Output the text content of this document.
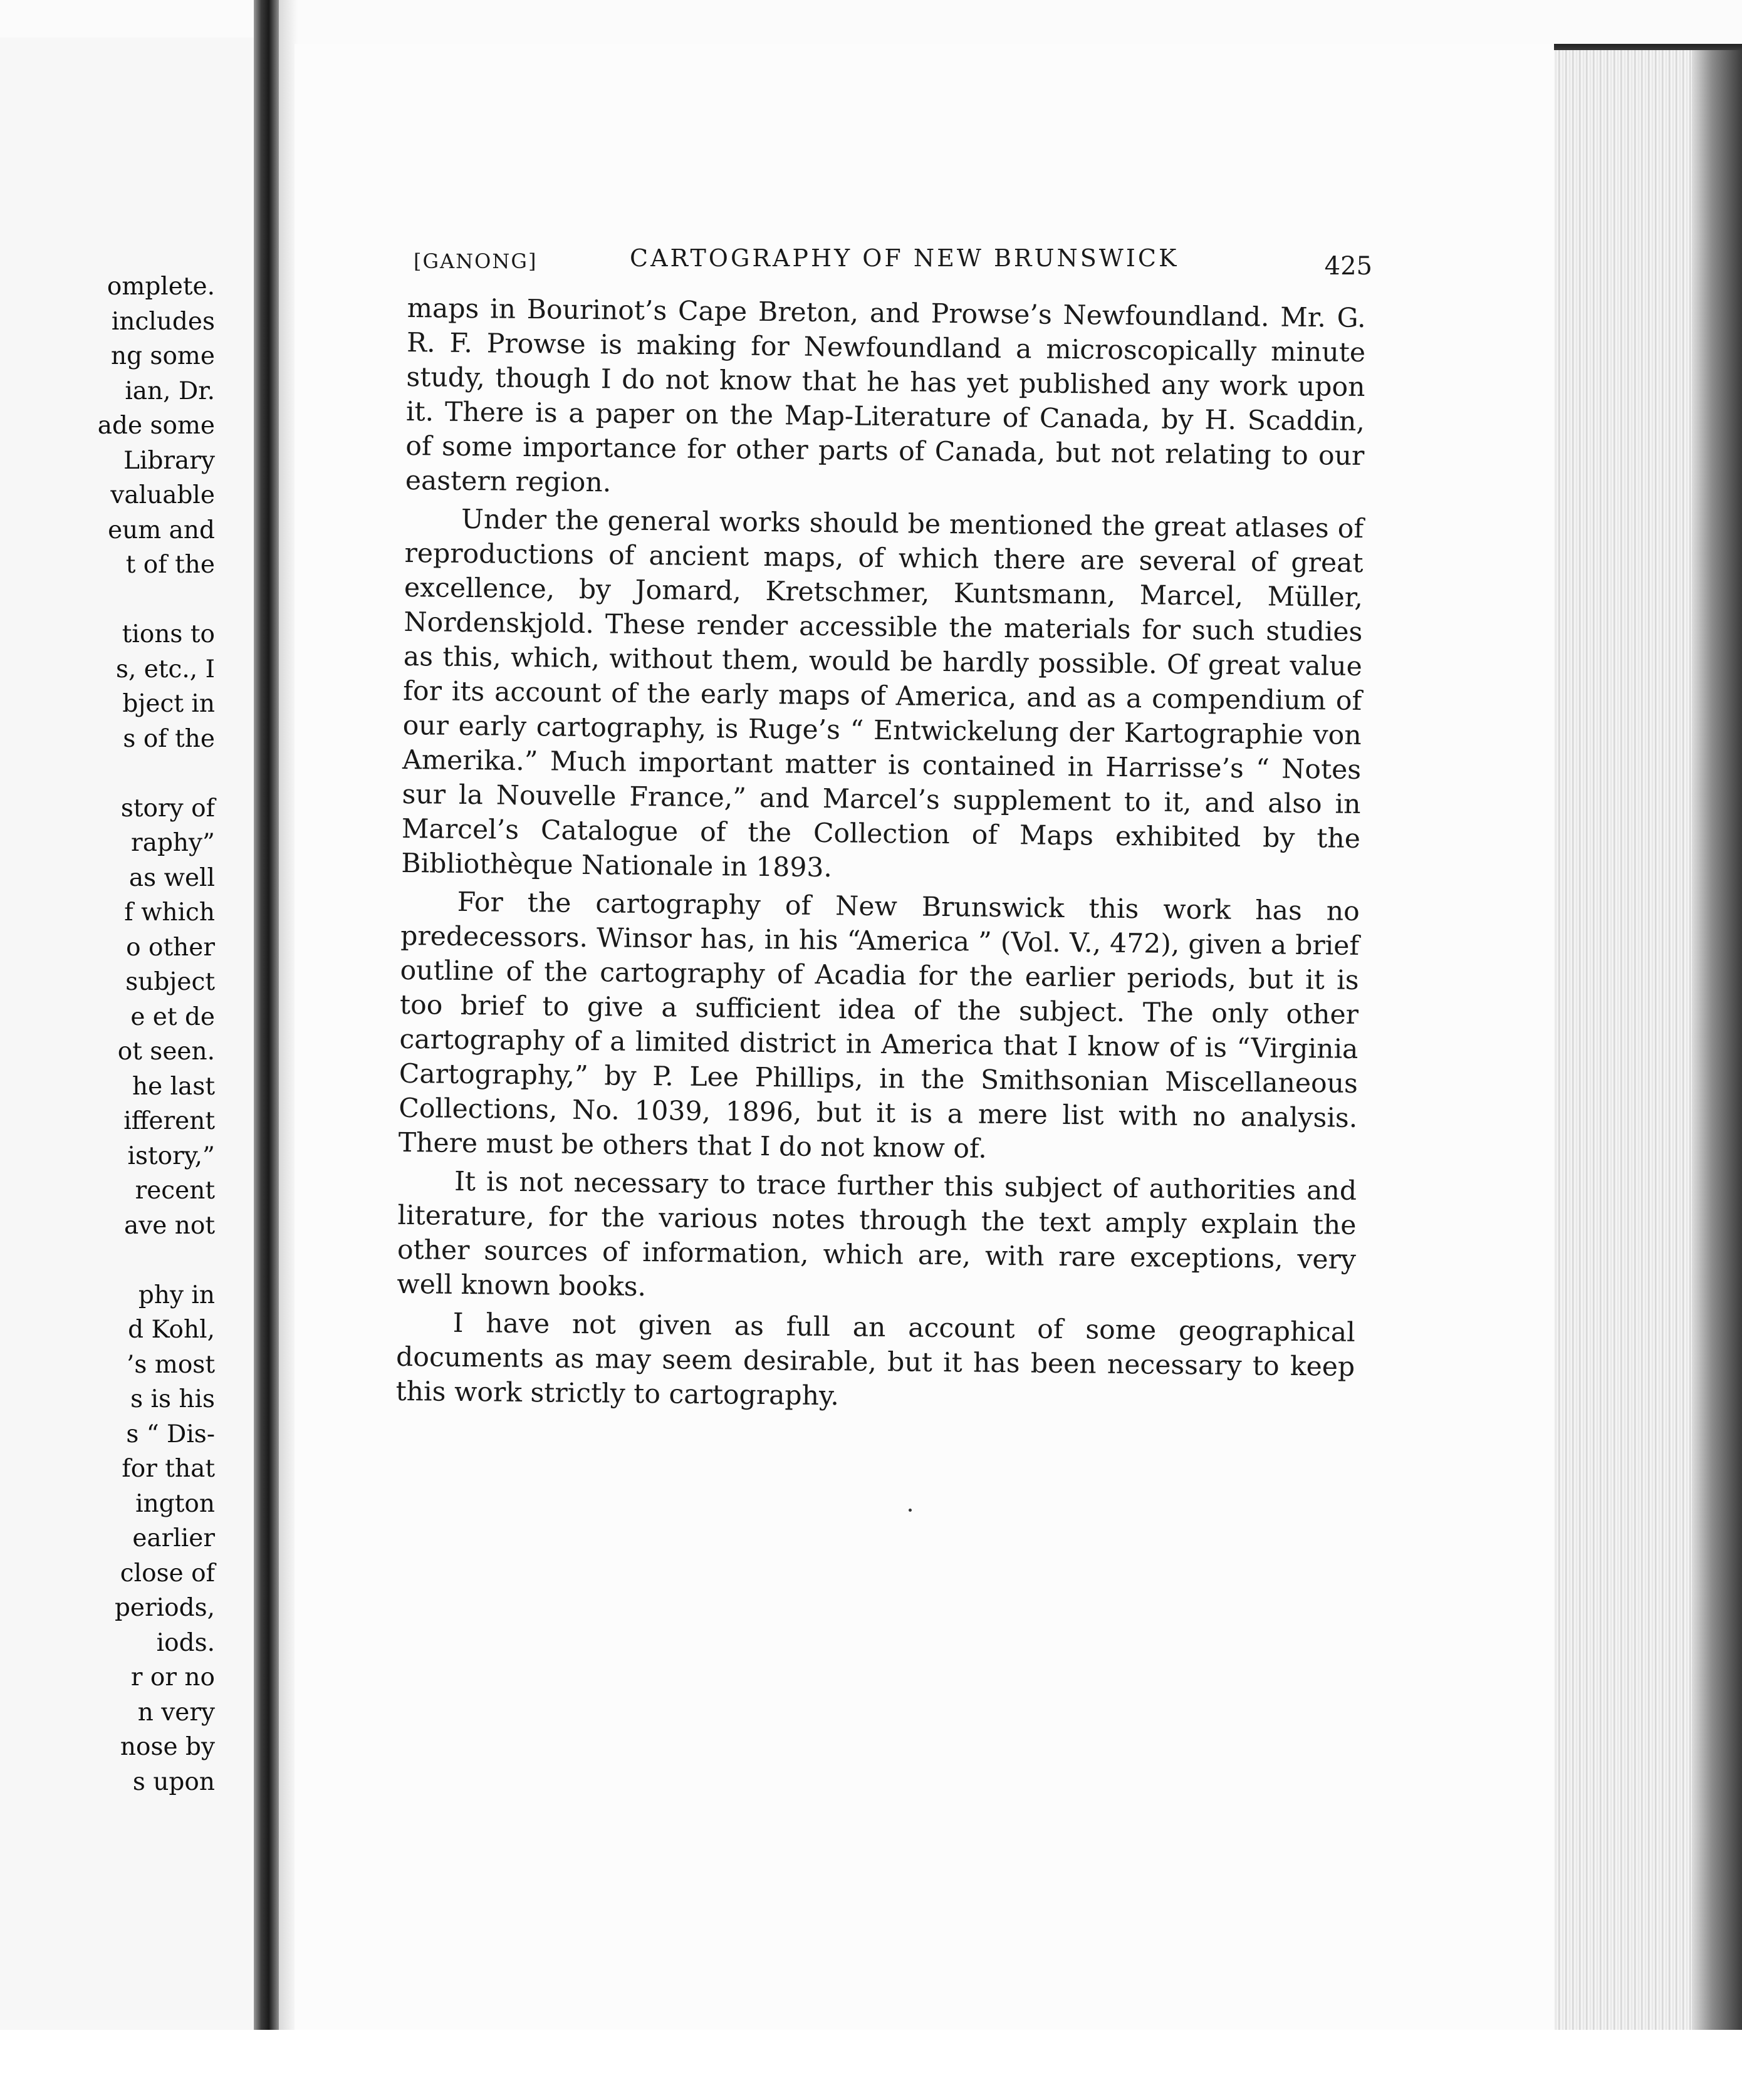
omplete.
includes
ng some
ian, Dr.
ade some
Library
valuable
eum and
t of the
tions to
s, etc., I
bject in
s of the
story of
raphy”
as well
f which
o other
subject
e et de
ot seen.
he last
ifferent
istory,”
recent
ave not
phy in
d Kohl,
’s most
s is his
s “ Dis-
for that
ington
earlier
close of
periods,
iods.
r or no
n very
nose by
s upon
[GANONG]	CARTOGRAPHY OF NEW BRUNSWICK	425

maps in Bourinot’s Cape Breton, and Prowse’s Newfoundland. Mr. G. R. F. Prowse is making for Newfoundland a microscopically minute study, though I do not know that he has yet published any work upon it. There is a paper on the Map-Literature of Canada, by H. Scaddin, of some importance for other parts of Canada, but not relating to our eastern region.

Under the general works should be mentioned the great atlases of reproductions of ancient maps, of which there are several of great excellence, by Jomard, Kretschmer, Kuntsmann, Marcel, Müller, Nordenskjold. These render accessible the materials for such studies as this, which, without them, would be hardly possible. Of great value for its account of the early maps of America, and as a compendium of our early cartography, is Ruge’s “ Entwickelung der Kartographie von Amerika.” Much important matter is contained in Harrisse’s “ Notes sur la Nouvelle France,” and Marcel’s supplement to it, and also in Marcel’s Catalogue of the Collection of Maps exhibited by the Bibliothèque Nationale in 1893.

For the cartography of New Brunswick this work has no predecessors. Winsor has, in his “America ” (Vol. V., 472), given a brief outline of the cartography of Acadia for the earlier periods, but it is too brief to give a sufficient idea of the subject. The only other cartography of a limited district in America that I know of is “Virginia Cartography,” by P. Lee Phillips, in the Smithsonian Miscellaneous Collections, No. 1039, 1896, but it is a mere list with no analysis. There must be others that I do not know of.

It is not necessary to trace further this subject of authorities and literature, for the various notes through the text amply explain the other sources of information, which are, with rare exceptions, very well known books.

I have not given as full an account of some geographical documents as may seem desirable, but it has been necessary to keep this work strictly to cartography.
